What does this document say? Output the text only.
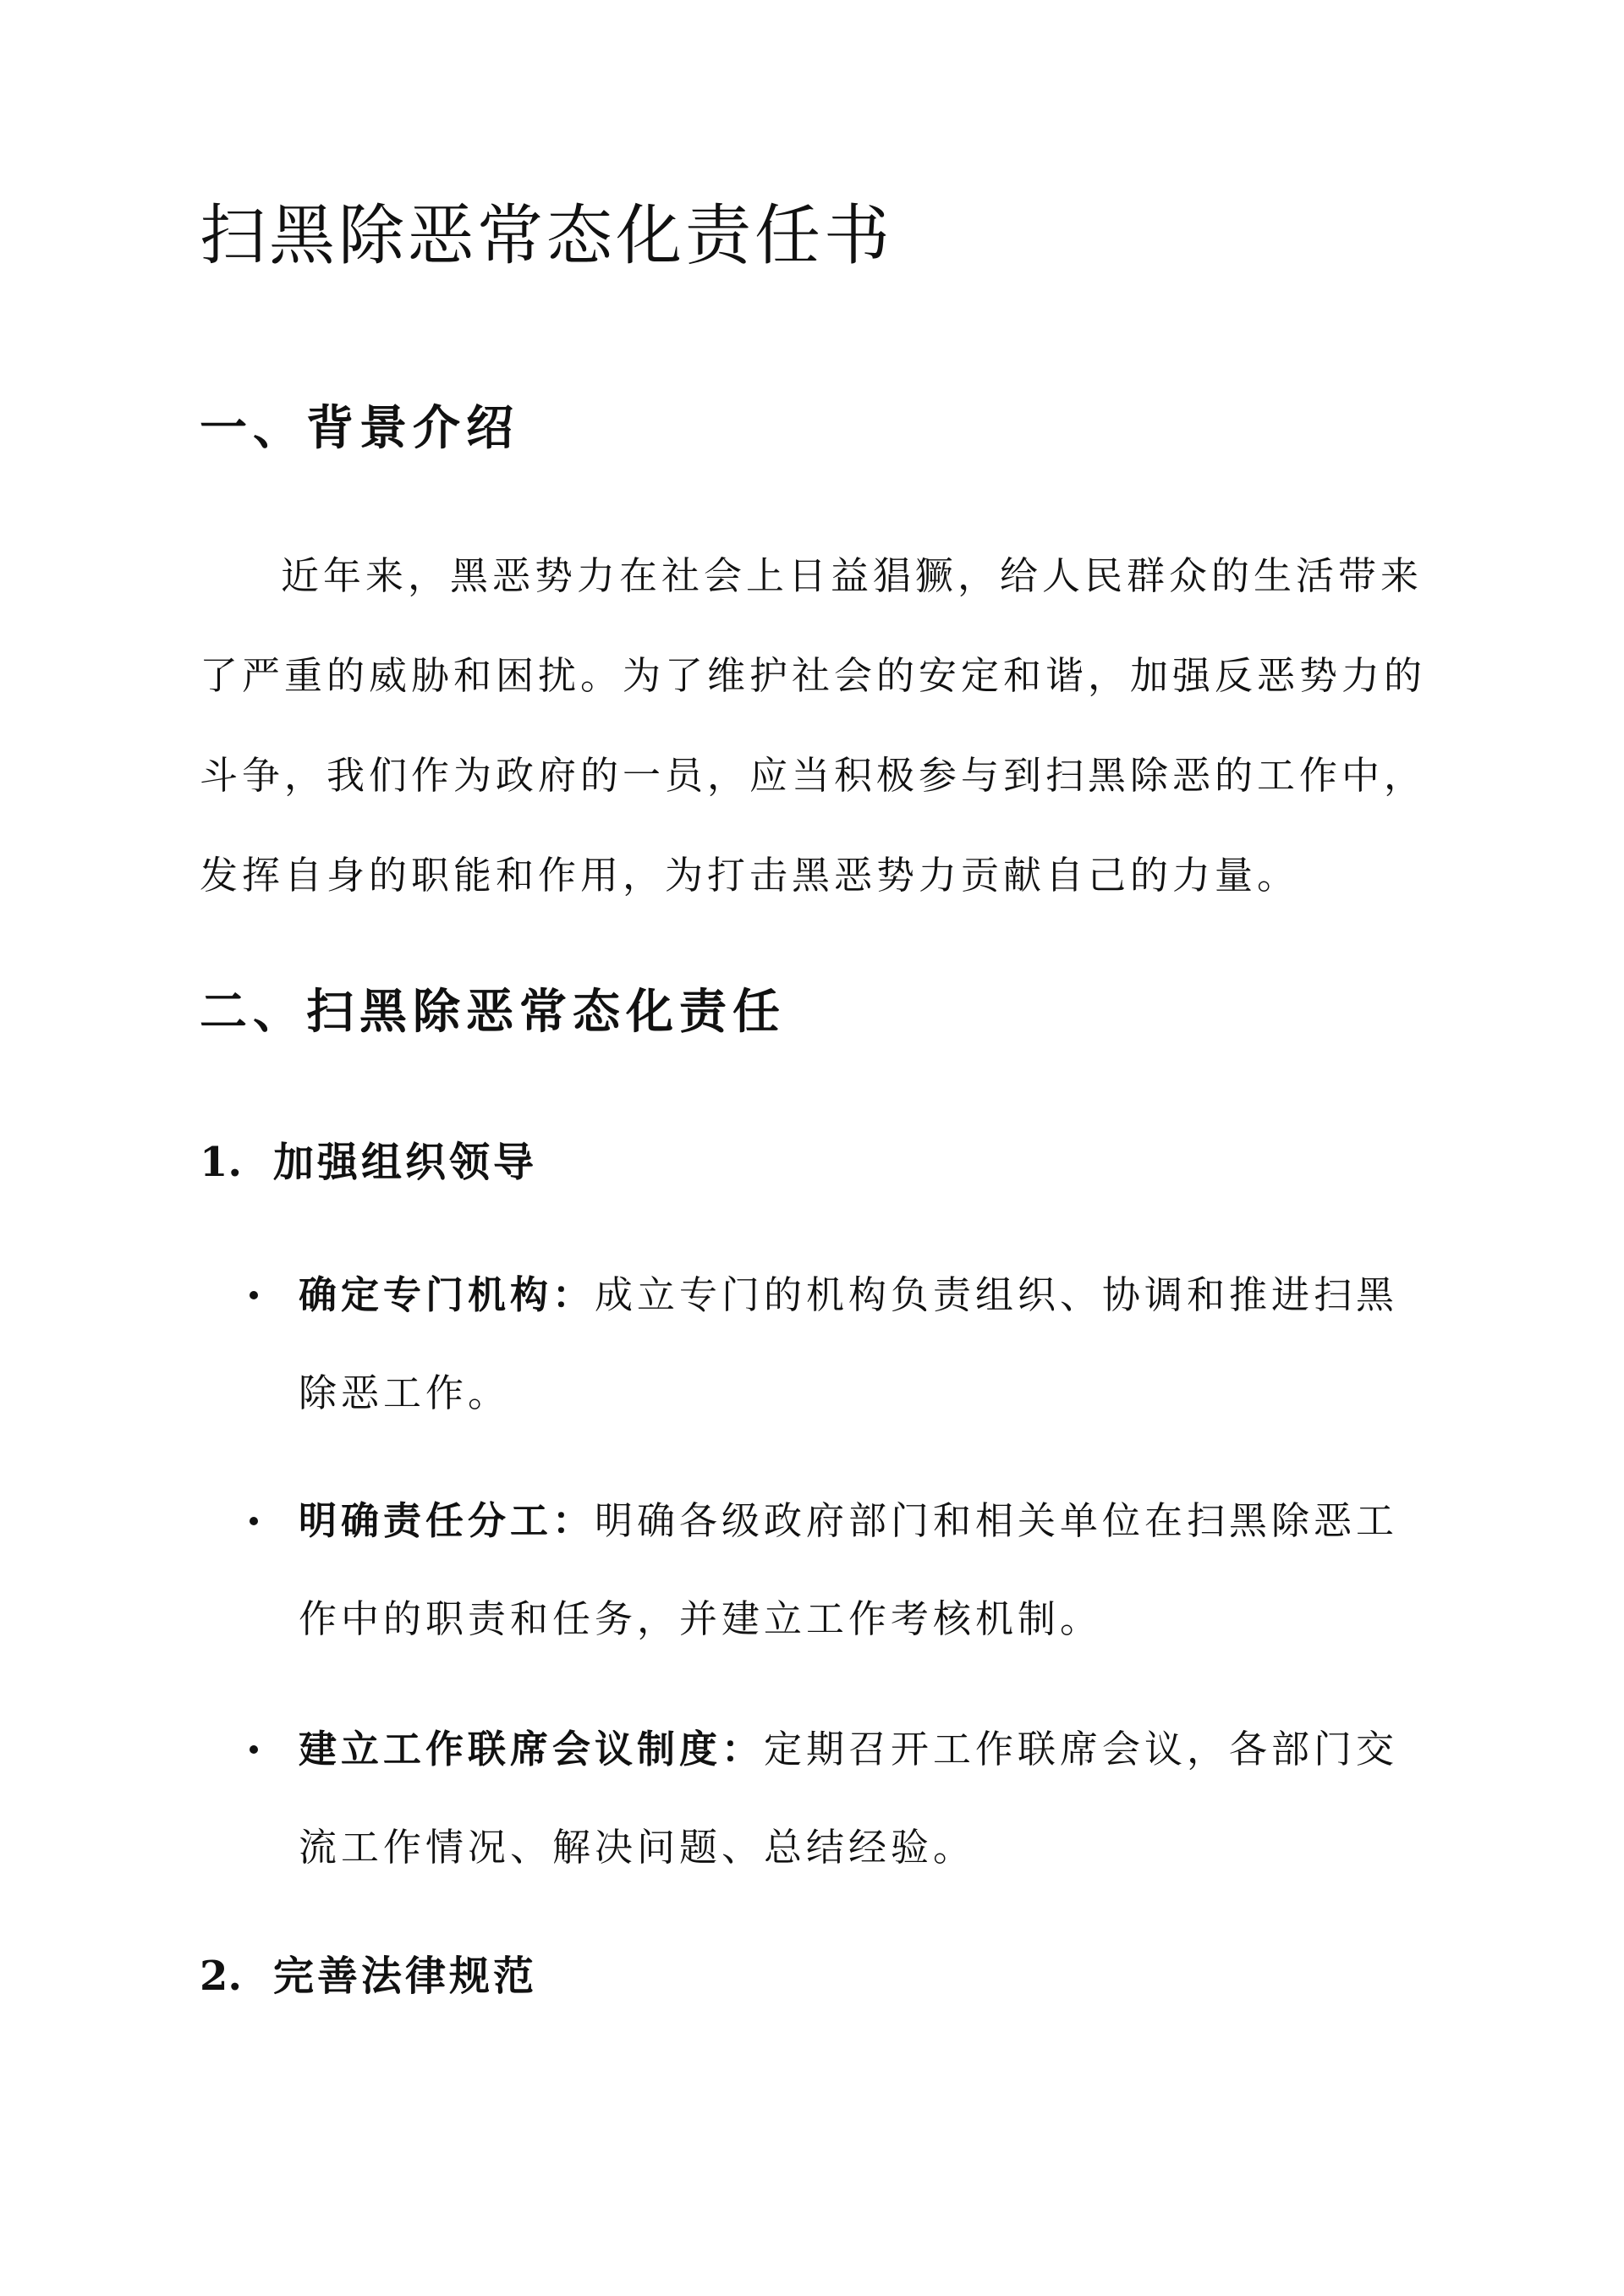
扫黑除恶常态化责任书
一、背景介绍
近年来，黑恶势力在社会上日益猖獗，给人民群众的生活带来
了严重的威胁和困扰。为了维护社会的安定和谐，加强反恶势力的
斗争，我们作为政府的一员，应当积极参与到扫黑除恶的工作中，
发挥自身的职能和作用，为打击黑恶势力贡献自己的力量。
二、扫黑除恶常态化责任
1. 加强组织领导
确定专门机构：成立专门的机构负责组织、协调和推进扫黑
除恶工作。
明确责任分工：明确各级政府部门和相关单位在扫黑除恶工
作中的职责和任务，并建立工作考核机制。
建立工作联席会议制度：定期召开工作联席会议，各部门交
流工作情况、解决问题、总结经验。
2. 完善法律规范
